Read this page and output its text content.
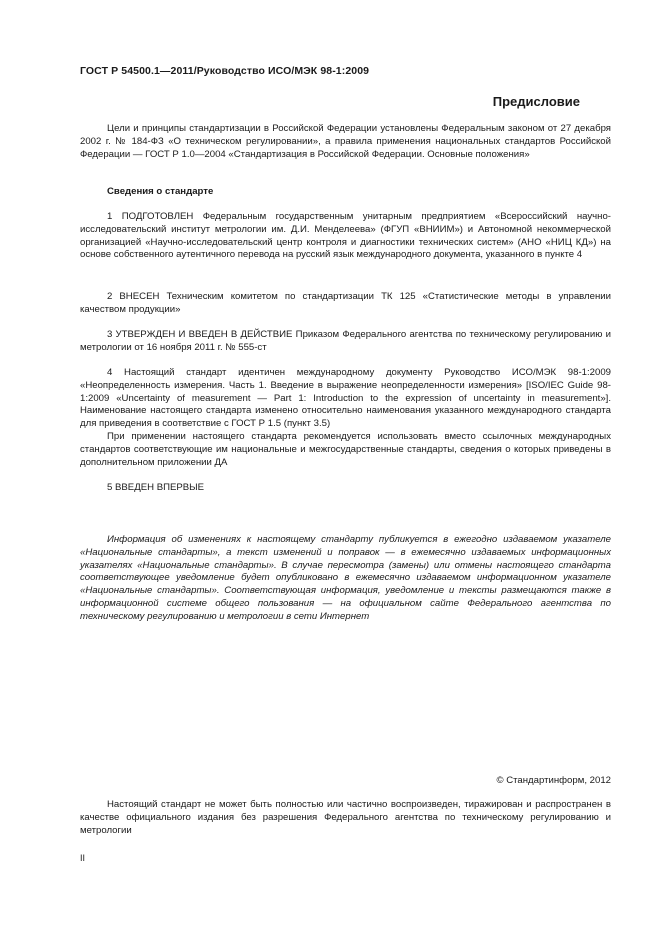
ГОСТ Р 54500.1—2011/Руководство ИСО/МЭК 98-1:2009
Предисловие

Цели и принципы стандартизации в Российской Федерации установлены Федеральным законом от 27 декабря 2002 г. № 184-ФЗ «О техническом регулировании», а правила применения национальных стандартов Российской Федерации — ГОСТ Р 1.0—2004 «Стандартизация в Российской Федерации. Основные положения»

Сведения о стандарте

1 ПОДГОТОВЛЕН Федеральным государственным унитарным предприятием «Всероссийский научно-исследовательский институт метрологии им. Д.И. Менделеева» (ФГУП «ВНИИМ») и Автономной некоммерческой организацией «Научно-исследовательский центр контроля и диагностики технических систем» (АНО «НИЦ КД») на основе собственного аутентичного перевода на русский язык международного документа, указанного в пункте 4

2 ВНЕСЕН Техническим комитетом по стандартизации ТК 125 «Статистические методы в управлении качеством продукции»

3 УТВЕРЖДЕН И ВВЕДЕН В ДЕЙСТВИЕ Приказом Федерального агентства по техническому регулированию и метрологии от 16 ноября 2011 г. № 555-ст

4 Настоящий стандарт идентичен международному документу Руководство ИСО/МЭК 98-1:2009 «Неопределенность измерения. Часть 1. Введение в выражение неопределенности измерения» [ISO/IEC Guide 98-1:2009 «Uncertainty of measurement — Part 1: Introduction to the expression of uncertainty in measurement»]. Наименование настоящего стандарта изменено относительно наименования указанного международного стандарта для приведения в соответствие с ГОСТ Р 1.5 (пункт 3.5)

При применении настоящего стандарта рекомендуется использовать вместо ссылочных международных стандартов соответствующие им национальные и межгосударственные стандарты, сведения о которых приведены в дополнительном приложении ДА

5 ВВЕДЕН ВПЕРВЫЕ

Информация об изменениях к настоящему стандарту публикуется в ежегодно издаваемом указателе «Национальные стандарты», а текст изменений и поправок — в ежемесячно издаваемых информационных указателях «Национальные стандарты». В случае пересмотра (замены) или отмены настоящего стандарта соответствующее уведомление будет опубликовано в ежемесячно издаваемом информационном указателе «Национальные стандарты». Соответствующая информация, уведомление и тексты размещаются также в информационной системе общего пользования — на официальном сайте Федерального агентства по техническому регулированию и метрологии в сети Интернет

© Стандартинформ, 2012

Настоящий стандарт не может быть полностью или частично воспроизведен, тиражирован и распространен в качестве официального издания без разрешения Федерального агентства по техническому регулированию и метрологии

II
